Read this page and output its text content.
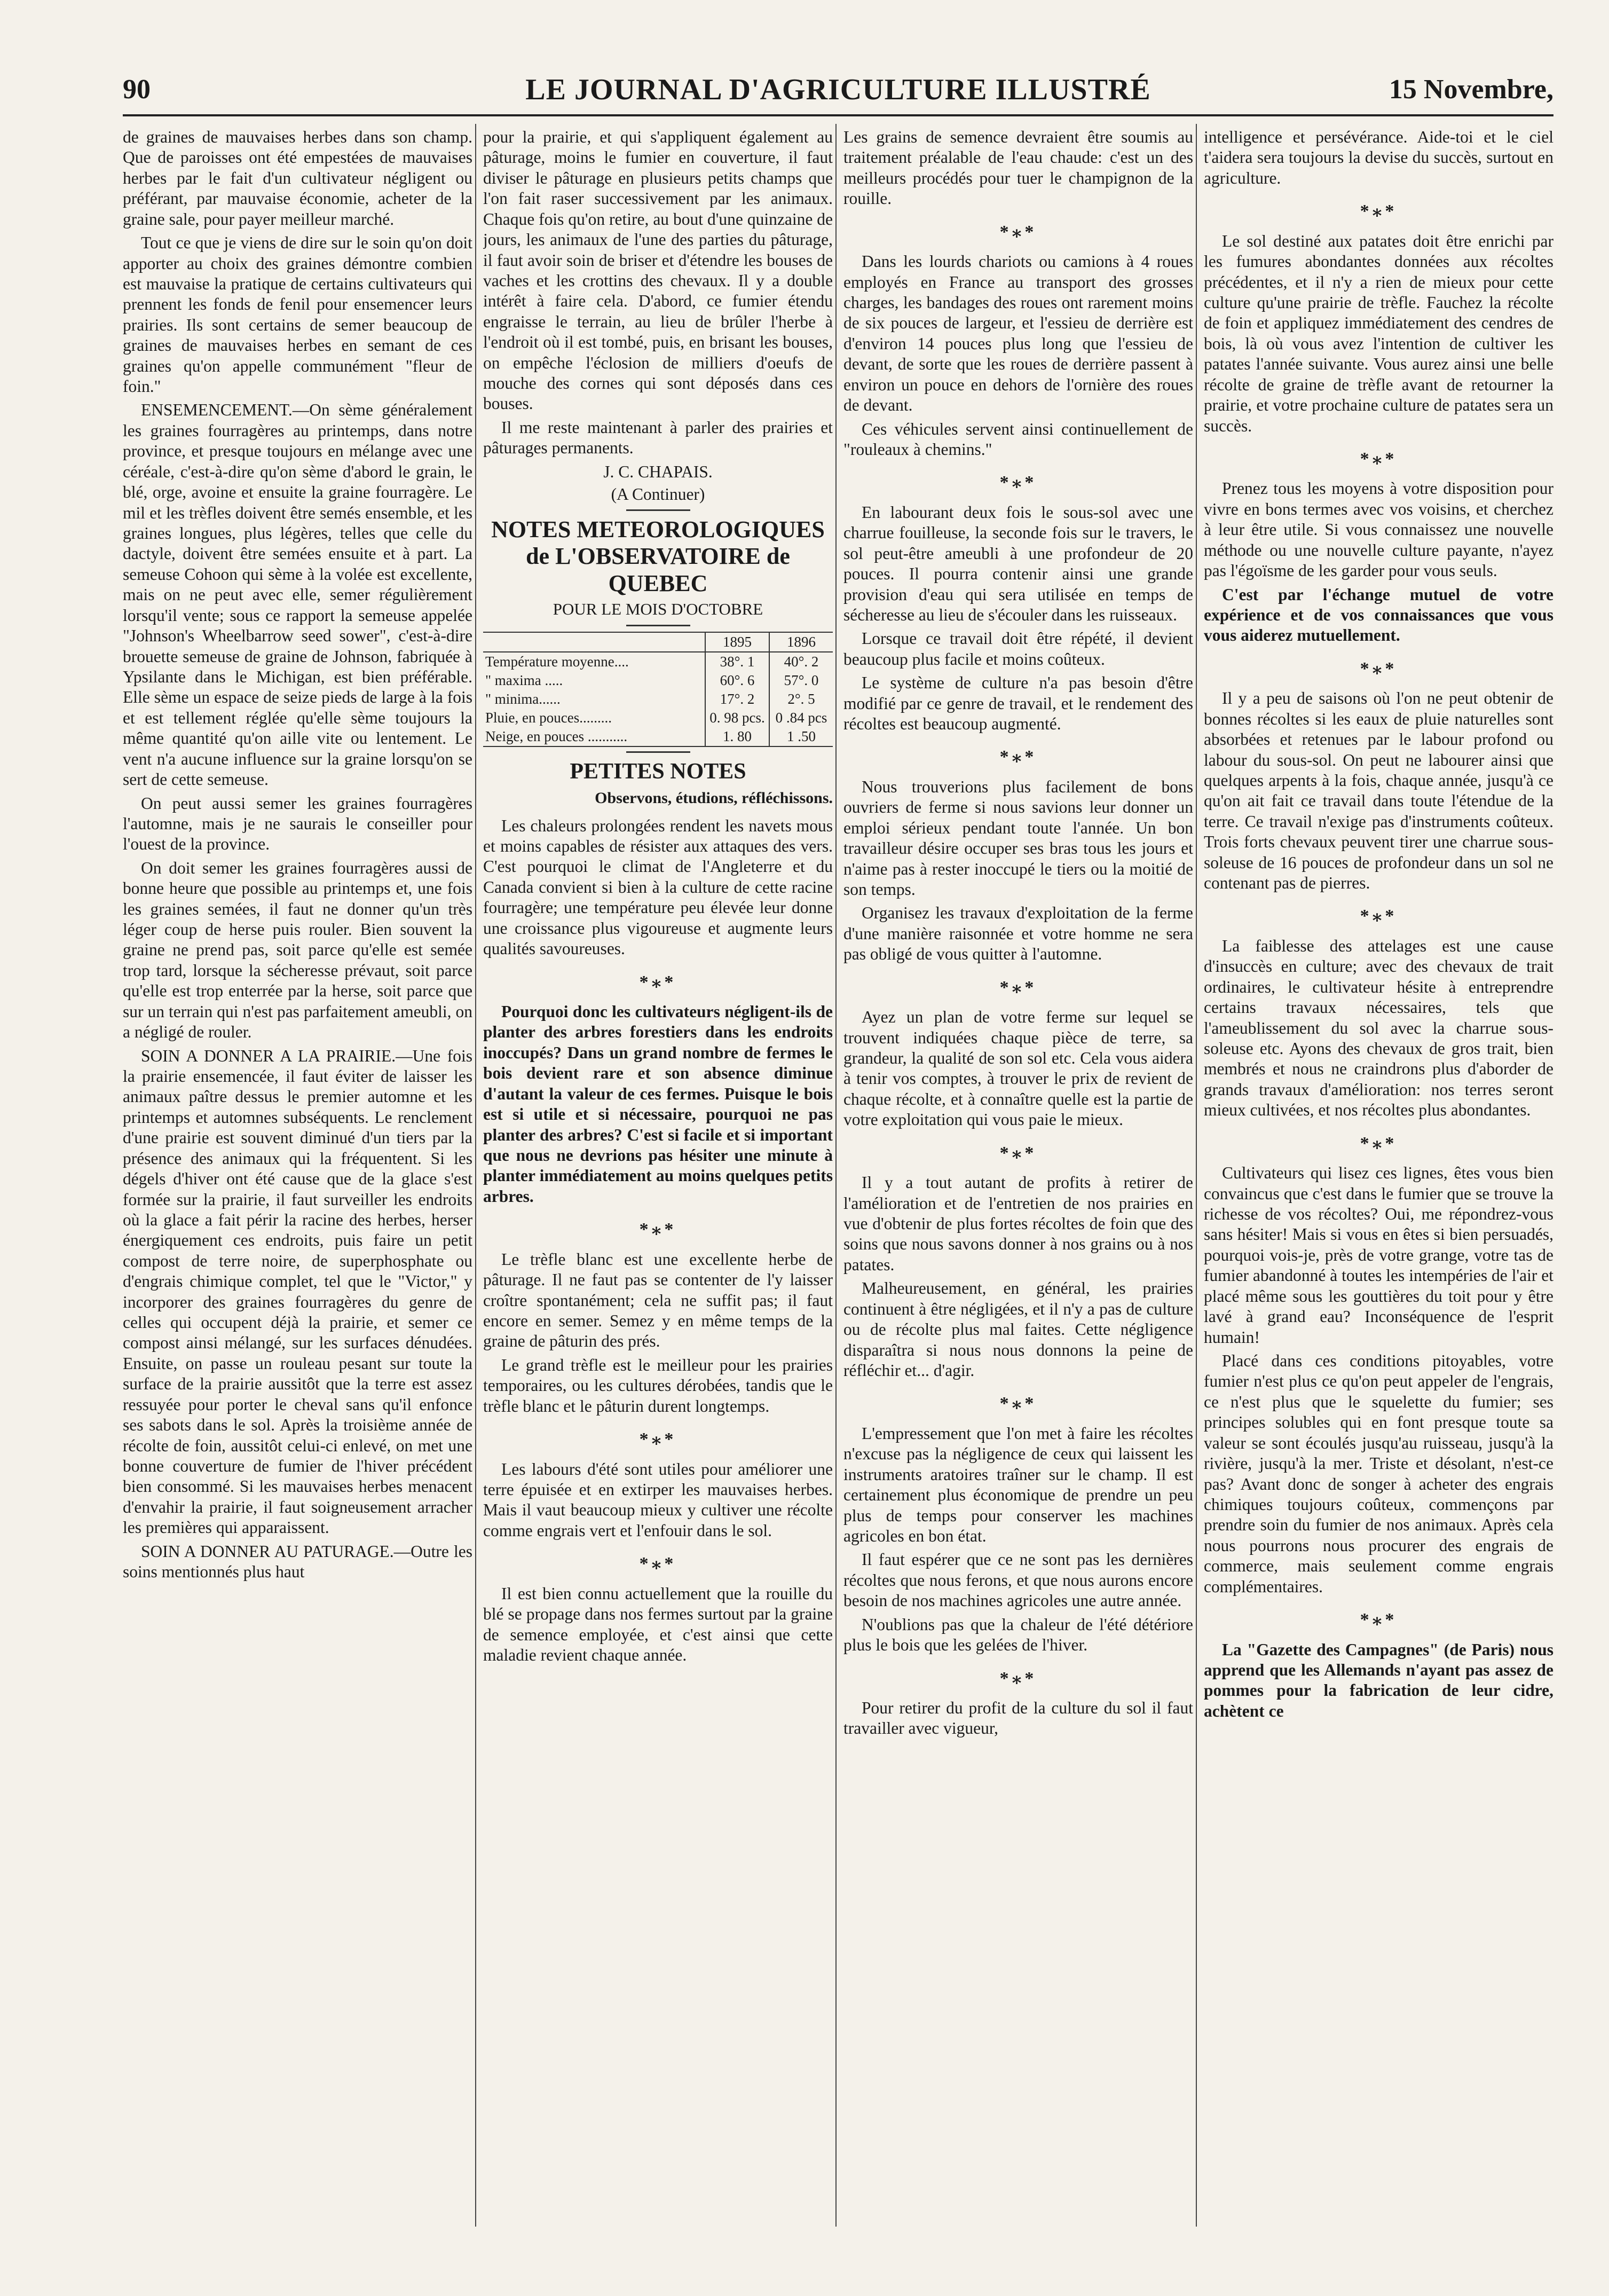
90	LE JOURNAL D'AGRICULTURE ILLUSTRÉ	15 Novembre,

de graines de mauvaises herbes dans son champ. Que de paroisses ont été empestées de mauvaises herbes par le fait d'un cultivateur négligent ou préférant, par mauvaise économie, acheter de la graine sale, pour payer meilleur marché.

Tout ce que je viens de dire sur le soin qu'on doit apporter au choix des graines démontre combien est mauvaise la pratique de certains cultivateurs qui prennent les fonds de fenil pour ensemencer leurs prairies. Ils sont certains de semer beaucoup de graines de mauvaises herbes en semant de ces graines qu'on appelle communément "fleur de foin."

ENSEMENCEMENT.—On sème généralement les graines fourragères au printemps, dans notre province, et presque toujours en mélange avec une céréale, c'est-à-dire qu'on sème d'abord le grain, le blé, orge, avoine et ensuite la graine fourragère. Le mil et les trèfles doivent être semés ensemble, et les graines longues, plus légères, telles que celle du dactyle, doivent être semées ensuite et à part. La semeuse Cohoon qui sème à la volée est excellente, mais on ne peut avec elle, semer régulièrement lorsqu'il vente; sous ce rapport la semeuse appelée "Johnson's Wheelbarrow seed sower", c'est-à-dire brouette semeuse de graine de Johnson, fabriquée à Ypsilante dans le Michigan, est bien préférable. Elle sème un espace de seize pieds de large à la fois et est tellement réglée qu'elle sème toujours la même quantité qu'on aille vite ou lentement. Le vent n'a aucune influence sur la graine lorsqu'on se sert de cette semeuse.

On peut aussi semer les graines fourragères l'automne, mais je ne saurais le conseiller pour l'ouest de la province.

On doit semer les graines fourragères aussi de bonne heure que possible au printemps et, une fois les graines semées, il faut ne donner qu'un très léger coup de herse puis rouler. Bien souvent la graine ne prend pas, soit parce qu'elle est semée trop tard, lorsque la sécheresse prévaut, soit parce qu'elle est trop enterrée par la herse, soit parce que sur un terrain qui n'est pas parfaitement ameubli, on a négligé de rouler.

SOIN A DONNER A LA PRAIRIE.—Une fois la prairie ensemencée, il faut éviter de laisser les animaux paître dessus le premier automne et les printemps et automnes subséquents. Le renclement d'une prairie est souvent diminué d'un tiers par la présence des animaux qui la fréquentent. Si les dégels d'hiver ont été cause que de la glace s'est formée sur la prairie, il faut surveiller les endroits où la glace a fait périr la racine des herbes, herser énergiquement ces endroits, puis faire un petit compost de terre noire, de superphosphate ou d'engrais chimique complet, tel que le "Victor," y incorporer des graines fourragères du genre de celles qui occupent déjà la prairie, et semer ce compost ainsi mélangé, sur les surfaces dénudées. Ensuite, on passe un rouleau pesant sur toute la surface de la prairie aussitôt que la terre est assez ressuyée pour porter le cheval sans qu'il enfonce ses sabots dans le sol. Après la troisième année de récolte de foin, aussitôt celui-ci enlevé, on met une bonne couverture de fumier de l'hiver précédent bien consommé. Si les mauvaises herbes menacent d'envahir la prairie, il faut soigneusement arracher les premières qui apparaissent.

SOIN A DONNER AU PATURAGE.—Outre les soins mentionnés plus haut

pour la prairie, et qui s'appliquent également au pâturage, moins le fumier en couverture, il faut diviser le pâturage en plusieurs petits champs que l'on fait raser successivement par les animaux. Chaque fois qu'on retire, au bout d'une quinzaine de jours, les animaux de l'une des parties du pâturage, il faut avoir soin de briser et d'étendre les bouses de vaches et les crottins des chevaux. Il y a double intérêt à faire cela. D'abord, ce fumier étendu engraisse le terrain, au lieu de brûler l'herbe à l'endroit où il est tombé, puis, en brisant les bouses, on empêche l'éclosion de milliers d'oeufs de mouche des cornes qui sont déposés dans ces bouses.

Il me reste maintenant à parler des prairies et pâturages permanents.

J. C. CHAPAIS.

(A Continuer)

NOTES METEOROLOGIQUES de L'OBSERVATOIRE de QUEBEC
POUR LE MOIS D'OCTOBRE
	1895	1896
Température moyenne....	38°. 1	40°. 2
" maxima .....	60°. 6	57°. 0
" minima......	17°. 2	2°. 5
Pluie, en pouces.........	0. 98 pcs.	0 .84 pcs
Neige, en pouces ...........	1. 80	1 .50
PETITES NOTES

Observons, étudions, réfléchissons.

Les chaleurs prolongées rendent les navets mous et moins capables de résister aux attaques des vers. C'est pourquoi le climat de l'Angleterre et du Canada convient si bien à la culture de cette racine fourragère; une température peu élevée leur donne une croissance plus vigoureuse et augmente leurs qualités savoureuses.

*⁎*

Pourquoi donc les cultivateurs négligent-ils de planter des arbres forestiers dans les endroits inoccupés? Dans un grand nombre de fermes le bois devient rare et son absence diminue d'autant la valeur de ces fermes. Puisque le bois est si utile et si nécessaire, pourquoi ne pas planter des arbres? C'est si facile et si important que nous ne devrions pas hésiter une minute à planter immédiatement au moins quelques petits arbres.

*⁎*

Le trèfle blanc est une excellente herbe de pâturage. Il ne faut pas se contenter de l'y laisser croître spontanément; cela ne suffit pas; il faut encore en semer. Semez y en même temps de la graine de pâturin des prés.

Le grand trèfle est le meilleur pour les prairies temporaires, ou les cultures dérobées, tandis que le trèfle blanc et le pâturin durent longtemps.

*⁎*

Les labours d'été sont utiles pour améliorer une terre épuisée et en extirper les mauvaises herbes. Mais il vaut beaucoup mieux y cultiver une récolte comme engrais vert et l'enfouir dans le sol.

*⁎*

Il est bien connu actuellement que la rouille du blé se propage dans nos fermes surtout par la graine de semence employée, et c'est ainsi que cette maladie revient chaque année.

Les grains de semence devraient être soumis au traitement préalable de l'eau chaude: c'est un des meilleurs procédés pour tuer le champignon de la rouille.

*⁎*

Dans les lourds chariots ou camions à 4 roues employés en France au transport des grosses charges, les bandages des roues ont rarement moins de six pouces de largeur, et l'essieu de derrière est d'environ 14 pouces plus long que l'essieu de devant, de sorte que les roues de derrière passent à environ un pouce en dehors de l'ornière des roues de devant.

Ces véhicules servent ainsi continuellement de "rouleaux à chemins."

*⁎*

En labourant deux fois le sous-sol avec une charrue fouilleuse, la seconde fois sur le travers, le sol peut-être ameubli à une profondeur de 20 pouces. Il pourra contenir ainsi une grande provision d'eau qui sera utilisée en temps de sécheresse au lieu de s'écouler dans les ruisseaux.

Lorsque ce travail doit être répété, il devient beaucoup plus facile et moins coûteux.

Le système de culture n'a pas besoin d'être modifié par ce genre de travail, et le rendement des récoltes est beaucoup augmenté.

*⁎*

Nous trouverions plus facilement de bons ouvriers de ferme si nous savions leur donner un emploi sérieux pendant toute l'année. Un bon travailleur désire occuper ses bras tous les jours et n'aime pas à rester inoccupé le tiers ou la moitié de son temps.

Organisez les travaux d'exploitation de la ferme d'une manière raisonnée et votre homme ne sera pas obligé de vous quitter à l'automne.

*⁎*

Ayez un plan de votre ferme sur lequel se trouvent indiquées chaque pièce de terre, sa grandeur, la qualité de son sol etc. Cela vous aidera à tenir vos comptes, à trouver le prix de revient de chaque récolte, et à connaître quelle est la partie de votre exploitation qui vous paie le mieux.

*⁎*

Il y a tout autant de profits à retirer de l'amélioration et de l'entretien de nos prairies en vue d'obtenir de plus fortes récoltes de foin que des soins que nous savons donner à nos grains ou à nos patates.

Malheureusement, en général, les prairies continuent à être négligées, et il n'y a pas de culture ou de récolte plus mal faites. Cette négligence disparaîtra si nous nous donnons la peine de réfléchir et... d'agir.

*⁎*

L'empressement que l'on met à faire les récoltes n'excuse pas la négligence de ceux qui laissent les instruments aratoires traîner sur le champ. Il est certainement plus économique de prendre un peu plus de temps pour conserver les machines agricoles en bon état.

Il faut espérer que ce ne sont pas les dernières récoltes que nous ferons, et que nous aurons encore besoin de nos machines agricoles une autre année.

N'oublions pas que la chaleur de l'été détériore plus le bois que les gelées de l'hiver.

*⁎*

Pour retirer du profit de la culture du sol il faut travailler avec vigueur,

intelligence et persévérance. Aide-toi et le ciel t'aidera sera toujours la devise du succès, surtout en agriculture.

*⁎*

Le sol destiné aux patates doit être enrichi par les fumures abondantes données aux récoltes précédentes, et il n'y a rien de mieux pour cette culture qu'une prairie de trèfle. Fauchez la récolte de foin et appliquez immédiatement des cendres de bois, là où vous avez l'intention de cultiver les patates l'année suivante. Vous aurez ainsi une belle récolte de graine de trèfle avant de retourner la prairie, et votre prochaine culture de patates sera un succès.

*⁎*

Prenez tous les moyens à votre disposition pour vivre en bons termes avec vos voisins, et cherchez à leur être utile. Si vous connaissez une nouvelle méthode ou une nouvelle culture payante, n'ayez pas l'égoïsme de les garder pour vous seuls.

C'est par l'échange mutuel de votre expérience et de vos connaissances que vous vous aiderez mutuellement.

*⁎*

Il y a peu de saisons où l'on ne peut obtenir de bonnes récoltes si les eaux de pluie naturelles sont absorbées et retenues par le labour profond ou labour du sous-sol. On peut ne labourer ainsi que quelques arpents à la fois, chaque année, jusqu'à ce qu'on ait fait ce travail dans toute l'étendue de la terre. Ce travail n'exige pas d'instruments coûteux. Trois forts chevaux peuvent tirer une charrue sous-soleuse de 16 pouces de profondeur dans un sol ne contenant pas de pierres.

*⁎*

La faiblesse des attelages est une cause d'insuccès en culture; avec des chevaux de trait ordinaires, le cultivateur hésite à entreprendre certains travaux nécessaires, tels que l'ameublissement du sol avec la charrue sous-soleuse etc. Ayons des chevaux de gros trait, bien membrés et nous ne craindrons plus d'aborder de grands travaux d'amélioration: nos terres seront mieux cultivées, et nos récoltes plus abondantes.

*⁎*

Cultivateurs qui lisez ces lignes, êtes vous bien convaincus que c'est dans le fumier que se trouve la richesse de vos récoltes? Oui, me répondrez-vous sans hésiter! Mais si vous en êtes si bien persuadés, pourquoi vois-je, près de votre grange, votre tas de fumier abandonné à toutes les intempéries de l'air et placé même sous les gouttières du toit pour y être lavé à grand eau? Inconséquence de l'esprit humain!

Placé dans ces conditions pitoyables, votre fumier n'est plus ce qu'on peut appeler de l'engrais, ce n'est plus que le squelette du fumier; ses principes solubles qui en font presque toute sa valeur se sont écoulés jusqu'au ruisseau, jusqu'à la rivière, jusqu'à la mer. Triste et désolant, n'est-ce pas? Avant donc de songer à acheter des engrais chimiques toujours coûteux, commençons par prendre soin du fumier de nos animaux. Après cela nous pourrons nous procurer des engrais de commerce, mais seulement comme engrais complémentaires.

*⁎*

La "Gazette des Campagnes" (de Paris) nous apprend que les Allemands n'ayant pas assez de pommes pour la fabrication de leur cidre, achètent ce
